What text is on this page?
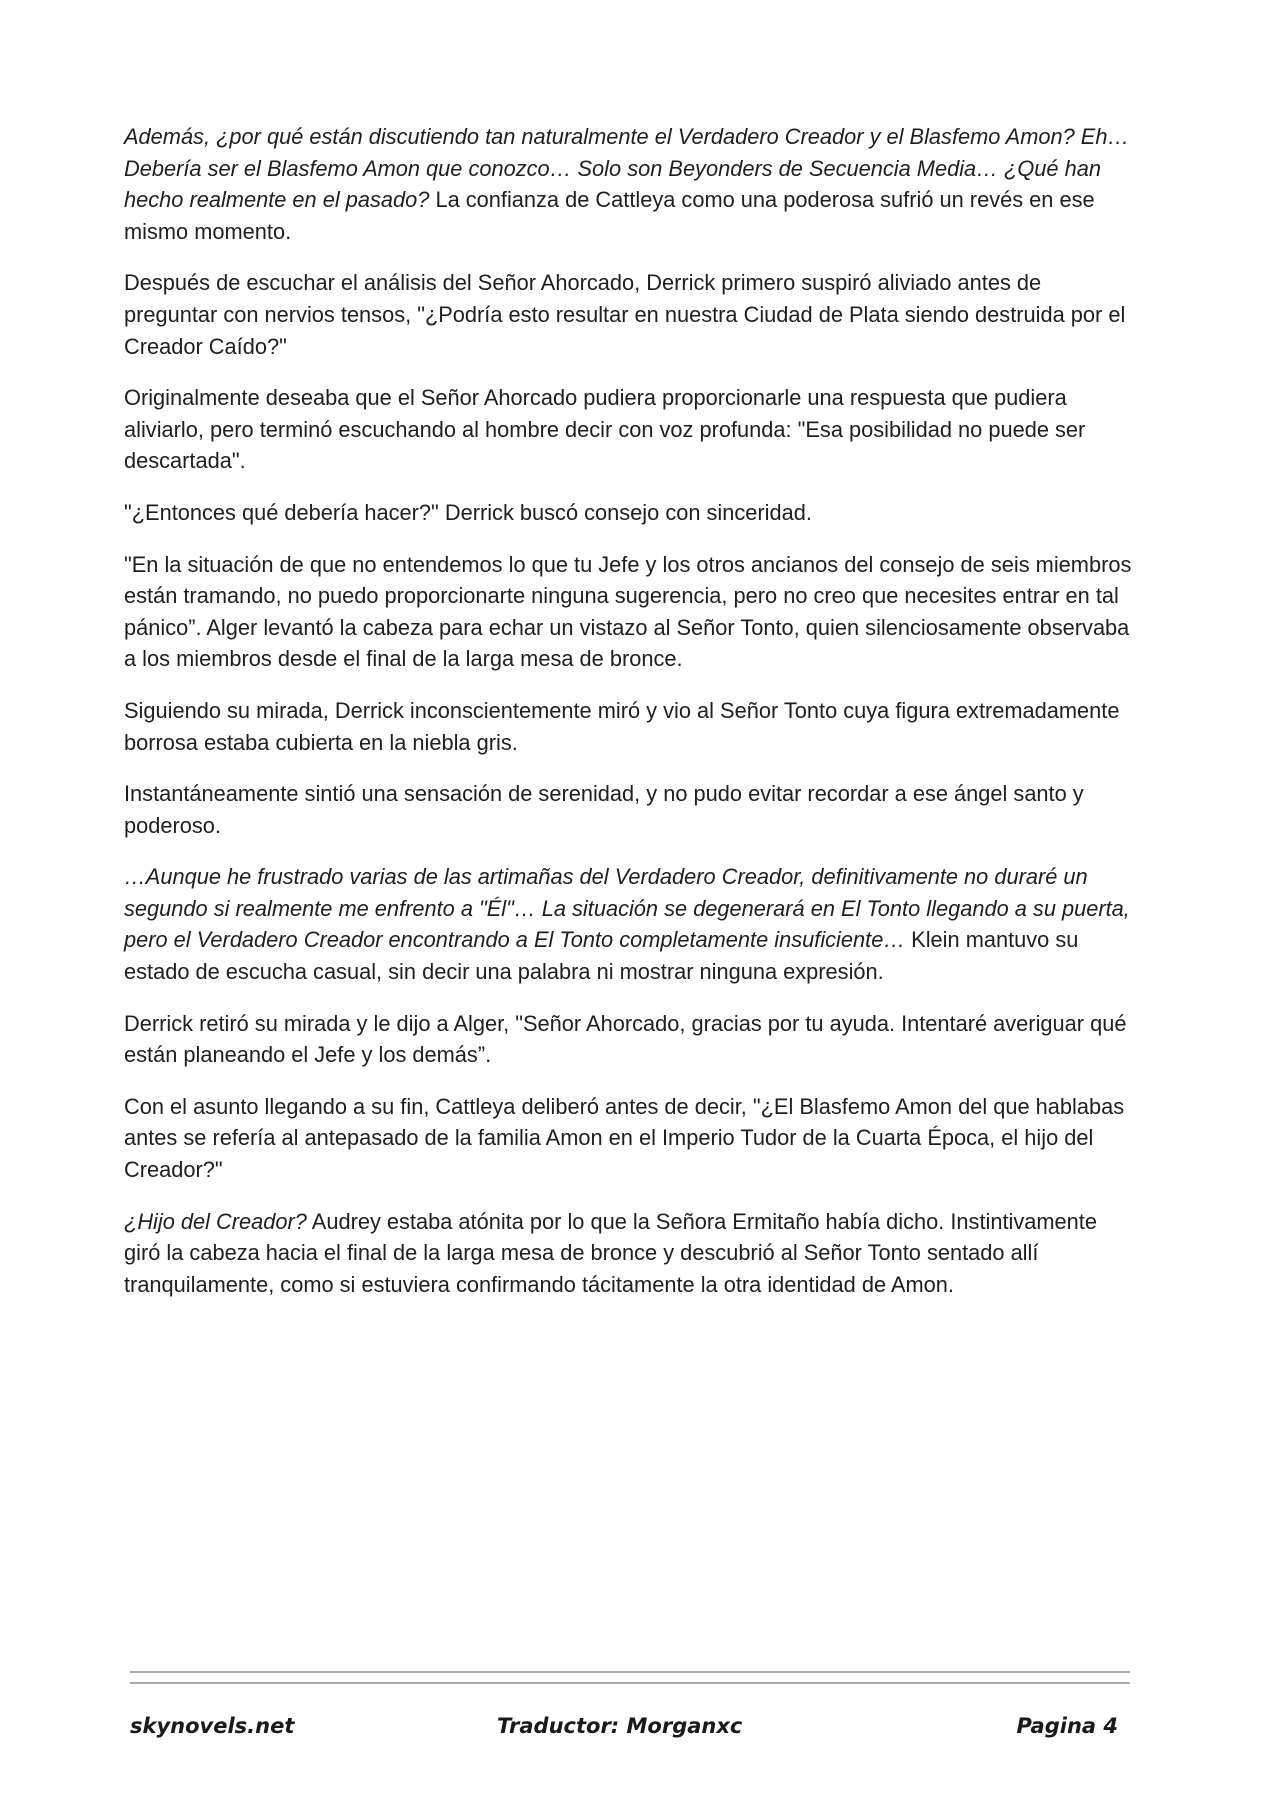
Además, ¿por qué están discutiendo tan naturalmente el Verdadero Creador y el Blasfemo Amon? Eh… Debería ser el Blasfemo Amon que conozco… Solo son Beyonders de Secuencia Media… ¿Qué han hecho realmente en el pasado? La confianza de Cattleya como una poderosa sufrió un revés en ese mismo momento.

Después de escuchar el análisis del Señor Ahorcado, Derrick primero suspiró aliviado antes de preguntar con nervios tensos, "¿Podría esto resultar en nuestra Ciudad de Plata siendo destruida por el Creador Caído?"

Originalmente deseaba que el Señor Ahorcado pudiera proporcionarle una respuesta que pudiera aliviarlo, pero terminó escuchando al hombre decir con voz profunda: "Esa posibilidad no puede ser descartada".

"¿Entonces qué debería hacer?" Derrick buscó consejo con sinceridad.

"En la situación de que no entendemos lo que tu Jefe y los otros ancianos del consejo de seis miembros están tramando, no puedo proporcionarte ninguna sugerencia, pero no creo que necesites entrar en tal pánico”. Alger levantó la cabeza para echar un vistazo al Señor Tonto, quien silenciosamente observaba a los miembros desde el final de la larga mesa de bronce.

Siguiendo su mirada, Derrick inconscientemente miró y vio al Señor Tonto cuya figura extremadamente borrosa estaba cubierta en la niebla gris.

Instantáneamente sintió una sensación de serenidad, y no pudo evitar recordar a ese ángel santo y poderoso.

…Aunque he frustrado varias de las artimañas del Verdadero Creador, definitivamente no duraré un segundo si realmente me enfrento a "Él"… La situación se degenerará en El Tonto llegando a su puerta, pero el Verdadero Creador encontrando a El Tonto completamente insuficiente… Klein mantuvo su estado de escucha casual, sin decir una palabra ni mostrar ninguna expresión.

Derrick retiró su mirada y le dijo a Alger, "Señor Ahorcado, gracias por tu ayuda. Intentaré averiguar qué están planeando el Jefe y los demás”.

Con el asunto llegando a su fin, Cattleya deliberó antes de decir, "¿El Blasfemo Amon del que hablabas antes se refería al antepasado de la familia Amon en el Imperio Tudor de la Cuarta Época, el hijo del Creador?"

¿Hijo del Creador? Audrey estaba atónita por lo que la Señora Ermitaño había dicho. Instintivamente giró la cabeza hacia el final de la larga mesa de bronce y descubrió al Señor Tonto sentado allí tranquilamente, como si estuviera confirmando tácitamente la otra identidad de Amon.

skynovels.net	Traductor: Morganxc	Pagina 4
